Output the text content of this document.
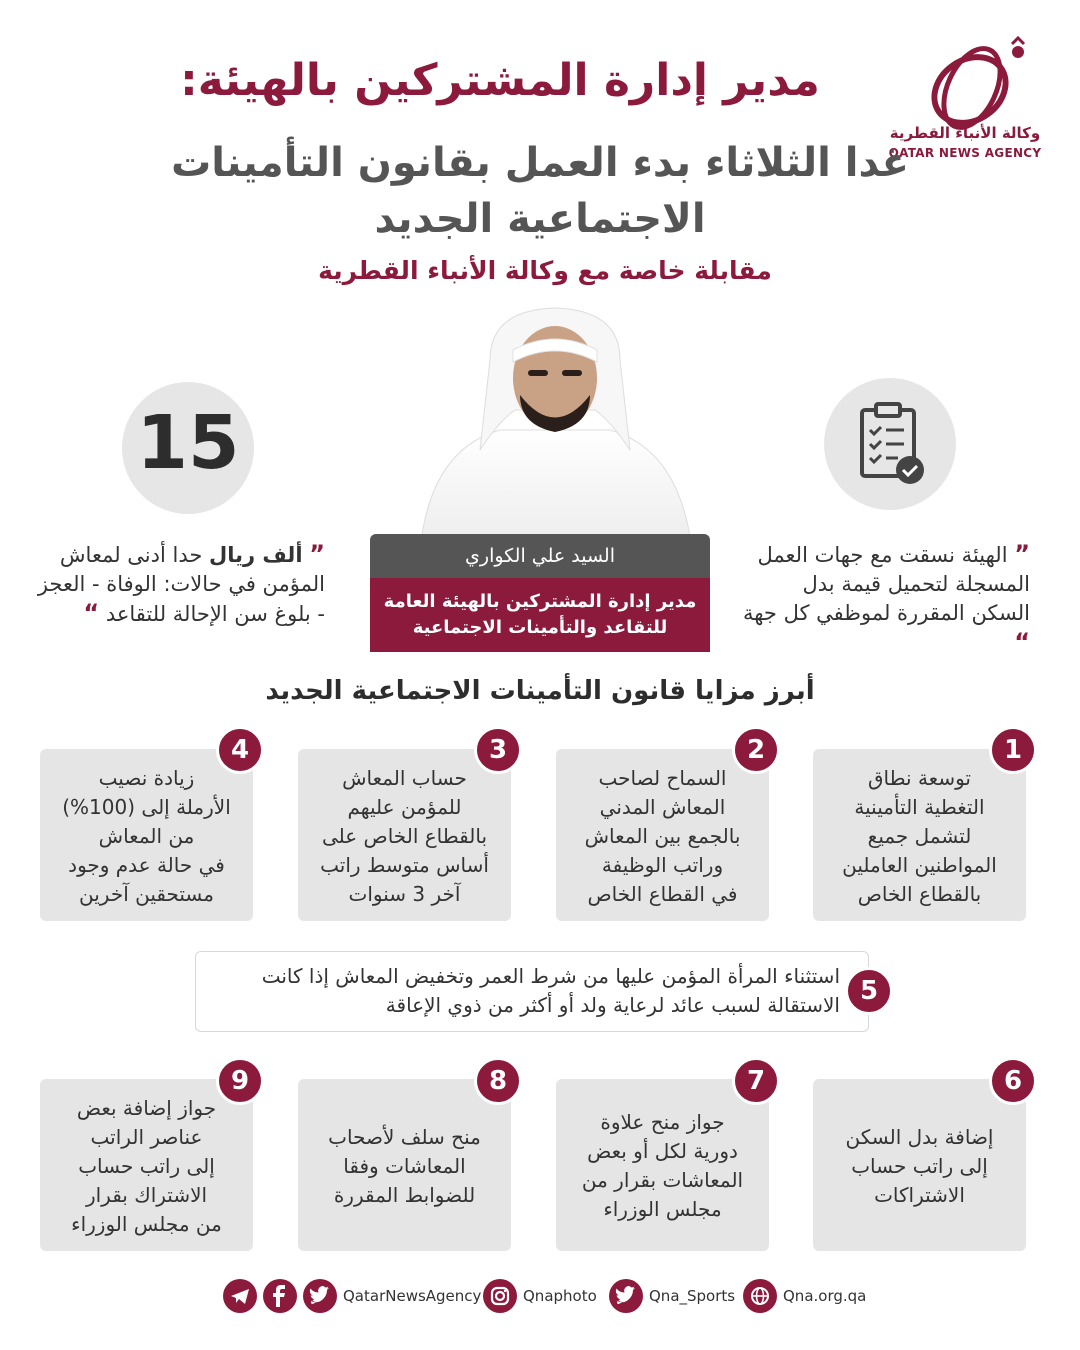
وكالة الأنباء القطرية
QATAR NEWS AGENCY
مدير إدارة المشتركين بالهيئة:
غدا الثلاثاء بدء العمل بقانون التأمينات
الاجتماعية الجديد
مقابلة خاصة مع وكالة الأنباء القطرية
15
” ألف ريال حدا أدنى لمعاش المؤمن في حالات: الوفاة - العجز - بلوغ سن الإحالة للتقاعد “
” الهيئة نسقت مع جهات العمل المسجلة لتحميل قيمة بدل السكن المقررة لموظفي كل جهة “
السيد علي الكواري
مدير إدارة المشتركين بالهيئة العامة
للتقاعد والتأمينات الاجتماعية
أبرز مزايا قانون التأمينات الاجتماعية الجديد
توسعة نطاق
التغطية التأمينية
لتشمل جميع
المواطنين العاملين
بالقطاع الخاص
1
السماح لصاحب
المعاش المدني
بالجمع بين المعاش
وراتب الوظيفة
في القطاع الخاص
2
حساب المعاش
للمؤمن عليهم
بالقطاع الخاص على
أساس متوسط راتب
آخر 3 سنوات
3
زيادة نصيب
الأرملة إلى (100%)
من المعاش
في حالة عدم وجود
مستحقين آخرين
4
استثناء المرأة المؤمن عليها من شرط العمر وتخفيض المعاش إذا كانت
الاستقالة لسبب عائد لرعاية ولد أو أكثر من ذوي الإعاقة 5
إضافة بدل السكن
إلى راتب حساب
الاشتراكات
6
جواز منح علاوة
دورية لكل أو بعض
المعاشات بقرار من
مجلس الوزراء
7
منح سلف لأصحاب
المعاشات وفقا
للضوابط المقررة
8
جواز إضافة بعض
عناصر الراتب
إلى راتب حساب
الاشتراك بقرار
من مجلس الوزراء
9
QatarNewsAgency	Qnaphoto	Qna_Sports	Qna.org.qa
